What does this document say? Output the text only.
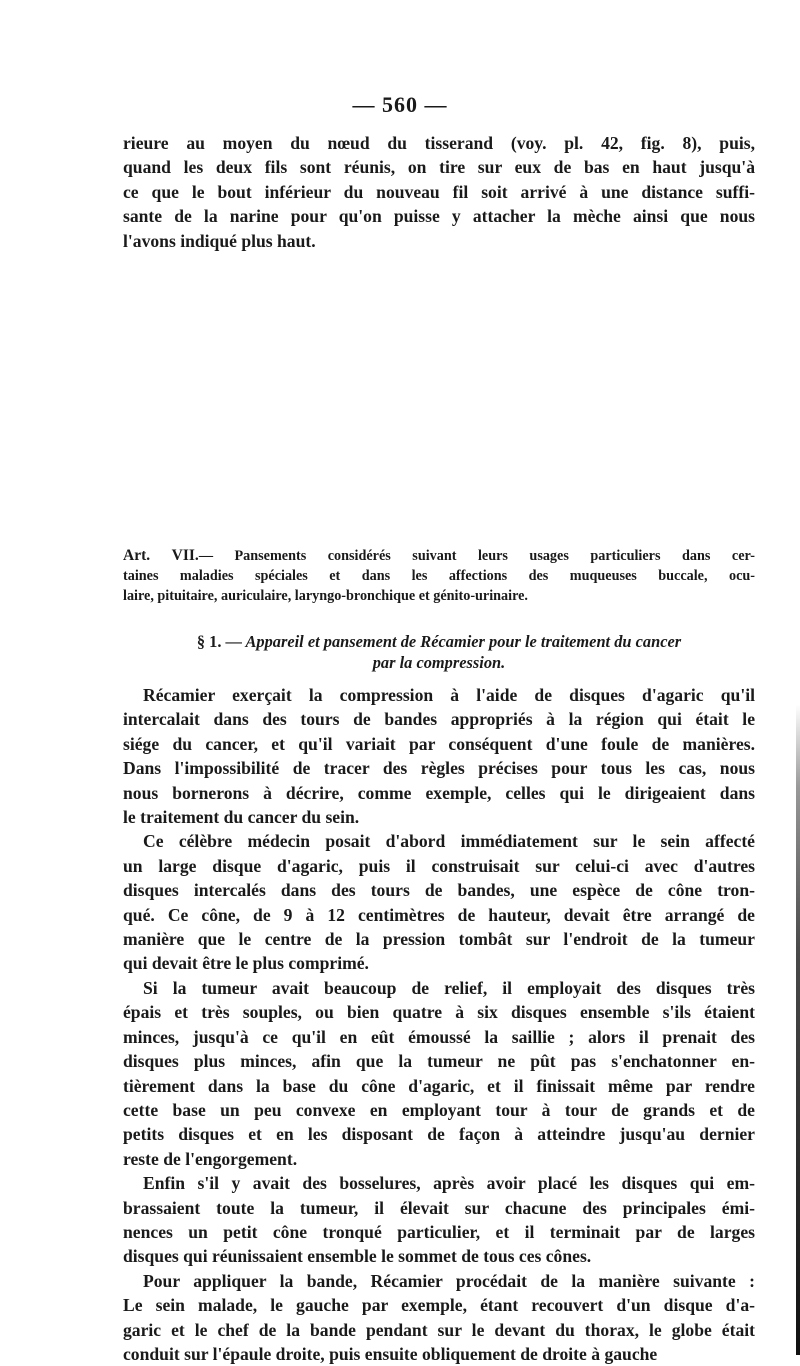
— 560 —
rieure au moyen du nœud du tisserand (voy. pl. 42, fig. 8), puis,
quand les deux fils sont réunis, on tire sur eux de bas en haut jusqu'à
ce que le bout inférieur du nouveau fil soit arrivé à une distance suffi-
sante de la narine pour qu'on puisse y attacher la mèche ainsi que nous
l'avons indiqué plus haut.
Art. VII.— Pansements considérés suivant leurs usages particuliers dans cer-
taines maladies spéciales et dans les affections des muqueuses buccale, ocu-
laire, pituitaire, auriculaire, laryngo-bronchique et génito-urinaire.
§ 1. — Appareil et pansement de Récamier pour le traitement du cancer
par la compression.
Récamier exerçait la compression à l'aide de disques d'agaric qu'il
intercalait dans des tours de bandes appropriés à la région qui était le
siége du cancer, et qu'il variait par conséquent d'une foule de manières.
Dans l'impossibilité de tracer des règles précises pour tous les cas, nous
nous bornerons à décrire, comme exemple, celles qui le dirigeaient dans
le traitement du cancer du sein.
Ce célèbre médecin posait d'abord immédiatement sur le sein affecté
un large disque d'agaric, puis il construisait sur celui-ci avec d'autres
disques intercalés dans des tours de bandes, une espèce de cône tron-
qué. Ce cône, de 9 à 12 centimètres de hauteur, devait être arrangé de
manière que le centre de la pression tombât sur l'endroit de la tumeur
qui devait être le plus comprimé.
Si la tumeur avait beaucoup de relief, il employait des disques très
épais et très souples, ou bien quatre à six disques ensemble s'ils étaient
minces, jusqu'à ce qu'il en eût émoussé la saillie ; alors il prenait des
disques plus minces, afin que la tumeur ne pût pas s'enchatonner en-
tièrement dans la base du cône d'agaric, et il finissait même par rendre
cette base un peu convexe en employant tour à tour de grands et de
petits disques et en les disposant de façon à atteindre jusqu'au dernier
reste de l'engorgement.
Enfin s'il y avait des bosselures, après avoir placé les disques qui em-
brassaient toute la tumeur, il élevait sur chacune des principales émi-
nences un petit cône tronqué particulier, et il terminait par de larges
disques qui réunissaient ensemble le sommet de tous ces cônes.
Pour appliquer la bande, Récamier procédait de la manière suivante :
Le sein malade, le gauche par exemple, étant recouvert d'un disque d'a-
garic et le chef de la bande pendant sur le devant du thorax, le globe était
conduit sur l'épaule droite, puis ensuite obliquement de droite à gauche
